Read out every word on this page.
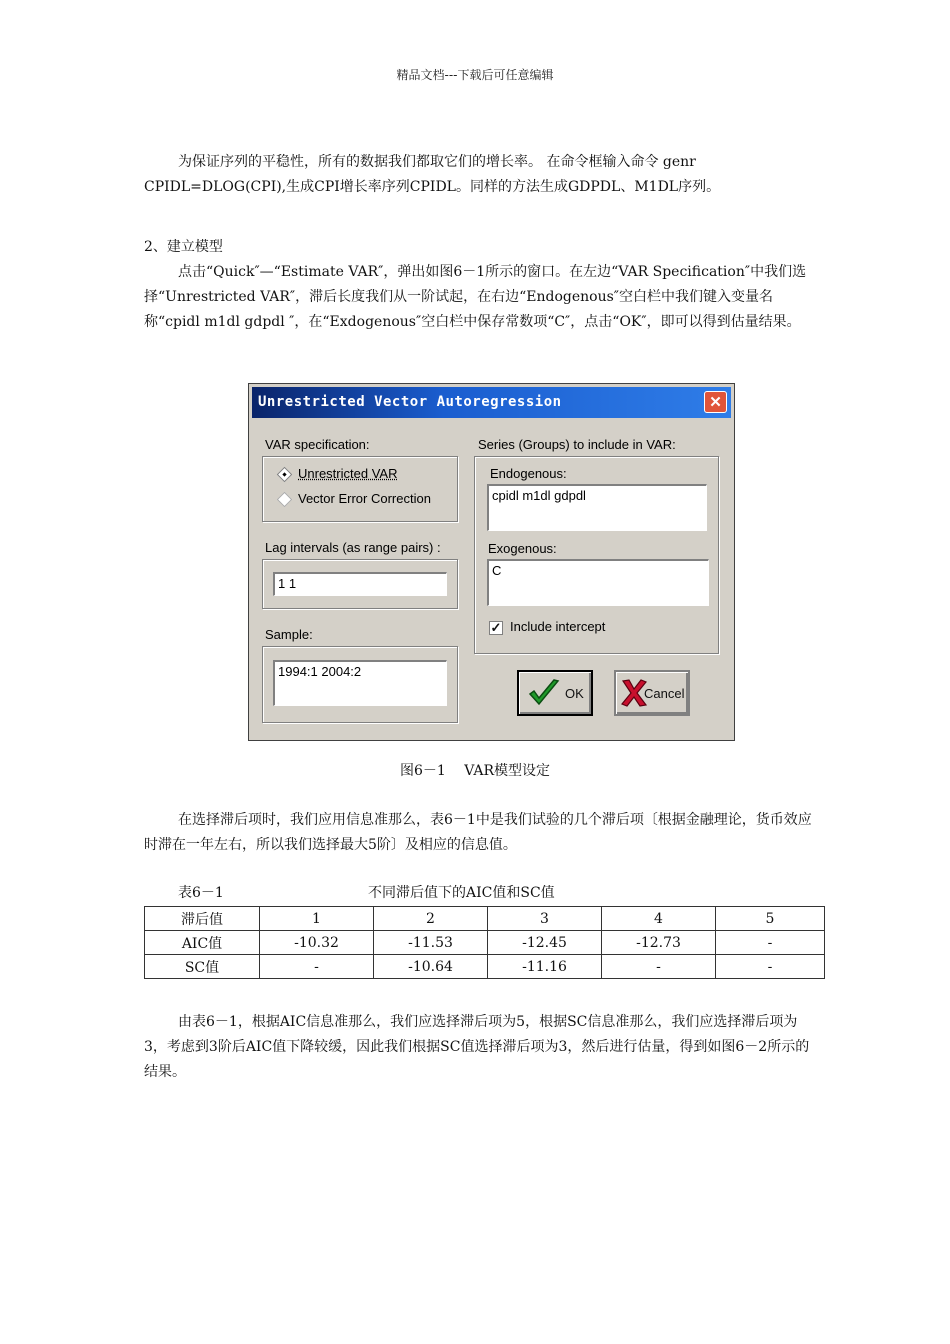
精品文档---下载后可任意编辑
为保证序列的平稳性，所有的数据我们都取它们的增长率。 在命令框输入命令 genr CPIDL=DLOG(CPI),生成CPI增长率序列CPIDL。同样的方法生成GDPDL、M1DL序列。
2、建立模型
点击“Quick″—“Estimate VAR″，弹出如图6－1所示的窗口。在左边“VAR Specification″中我们选择“Unrestricted VAR″，滞后长度我们从一阶试起，在右边“Endogenous″空白栏中我们键入变量名称“cpidl m1dl gdpdl ″，在“Exdogenous″空白栏中保存常数项“C″，点击“OK″，即可以得到估量结果。
Unrestricted Vector Autoregression	✕
VAR specification:
Unrestricted VAR
Vector Error Correction
Lag intervals (as range pairs) :
1 1
Sample:
1994:1 2004:2
Series (Groups) to include in VAR:
Endogenous:
cpidl m1dl gdpdl
Exogenous:
C
✓ Include intercept
OK	Cancel
图6－1　 VAR模型设定
在选择滞后项时，我们应用信息准那么，表6－1中是我们试验的几个滞后项〔根据金融理论，货币效应时滞在一年左右，所以我们选择最大5阶〕及相应的信息值。
表6－1	不同滞后值下的AIC值和SC值
滞后值	1	2	3	4	5
AIC值	-10.32	-11.53	-12.45	-12.73	-
SC值	-	-10.64	-11.16	-	-
由表6－1，根据AIC信息准那么，我们应选择滞后项为5，根据SC信息准那么，我们应选择滞后项为3，考虑到3阶后AIC值下降较缓，因此我们根据SC值选择滞后项为3，然后进行估量，得到如图6－2所示的结果。
